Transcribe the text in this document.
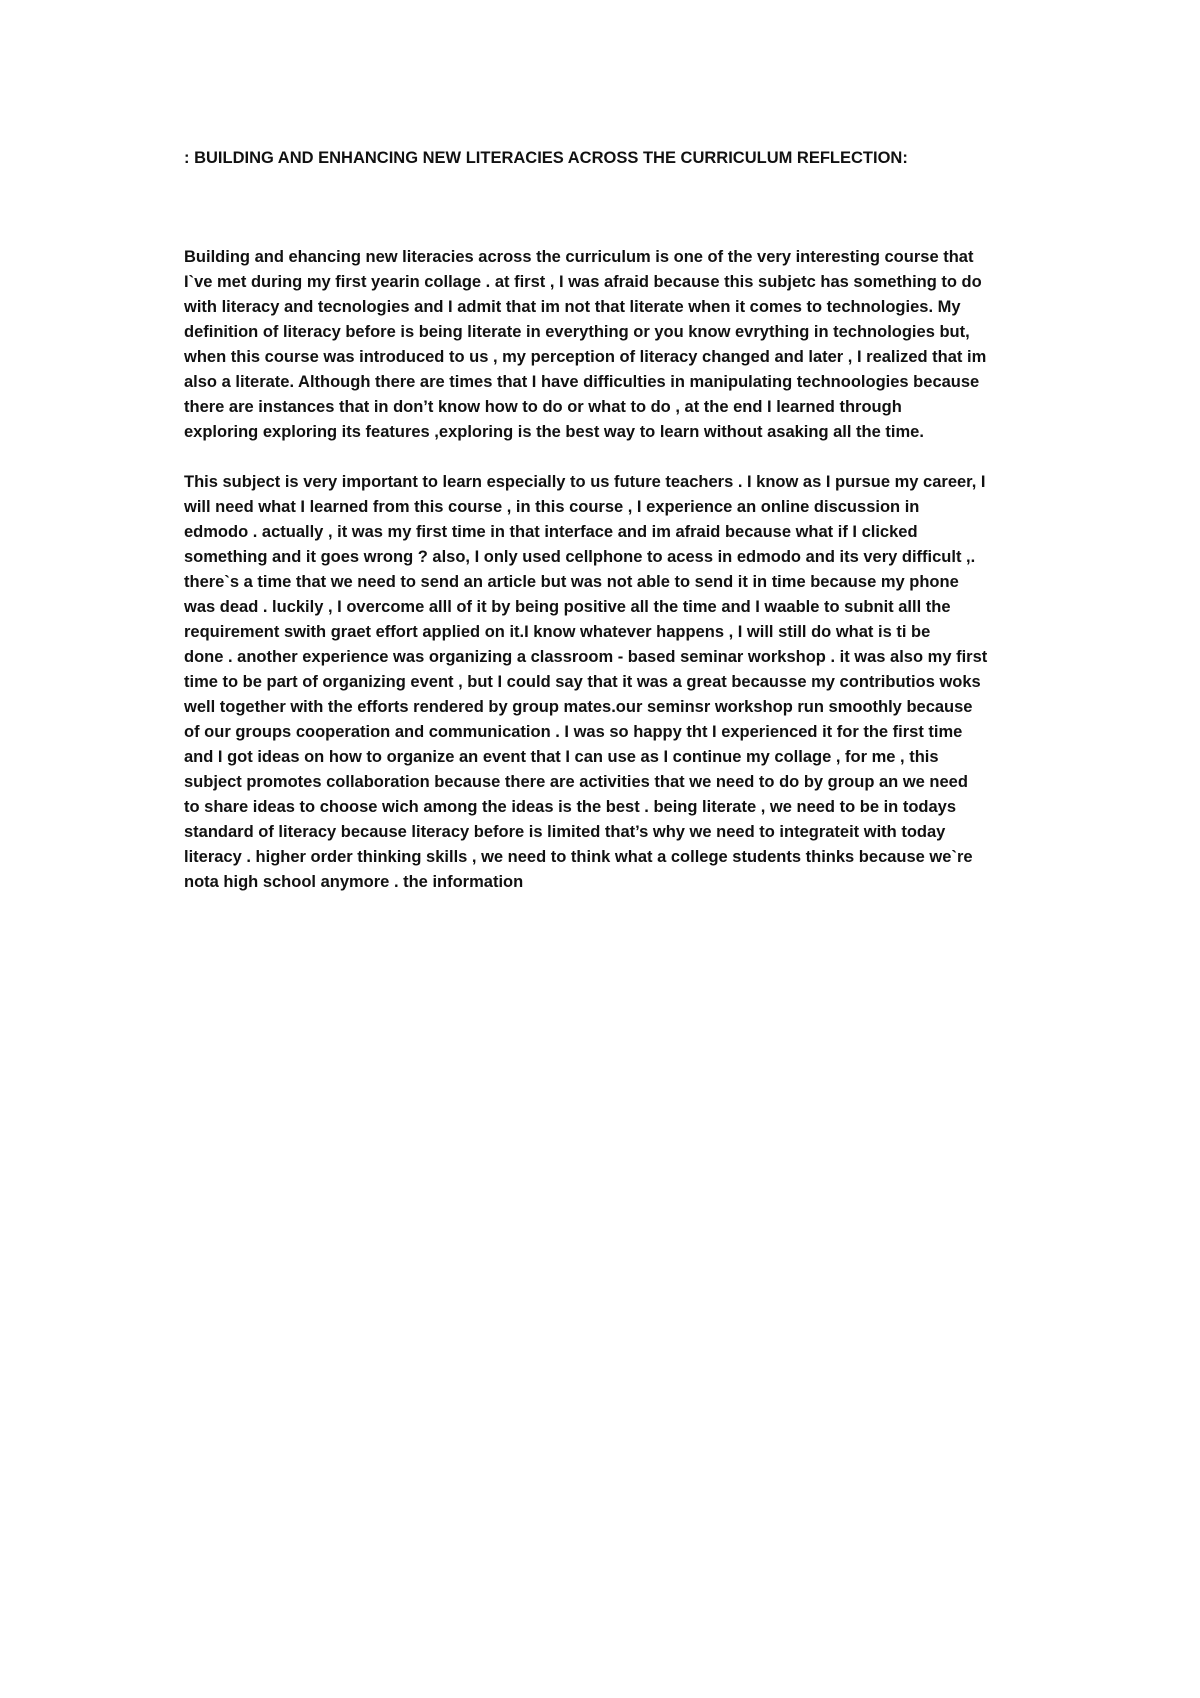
: BUILDING AND ENHANCING NEW LITERACIES ACROSS THE CURRICULUM REFLECTION:

Building and ehancing new literacies across the curriculum is one of the very interesting course that
I`ve met during my first yearin collage . at first , I was afraid because this subjetc has something to do
with literacy and tecnologies and I admit that im not that literate when it comes to technologies. My
definition of literacy before is being literate in everything or you know evrything in technologies but,
when this course was introduced to us , my perception of literacy changed and later , I realized that im
also a literate. Although there are times that I have difficulties in manipulating technoologies because
there are instances that in don’t know how to do or what to do , at the end I learned through
exploring exploring its features ,exploring is the best way to learn without asaking all the time.

This subject is very important to learn especially to us future teachers . I know as I pursue my career, I
will need what I learned from this course , in this course , I experience an online discussion in
edmodo . actually , it was my first time in that interface and im afraid because what if I clicked
something and it goes wrong ? also, I only used cellphone to acess in edmodo and its very difficult ,.
there`s a time that we need to send an article but was not able to send it in time because my phone
was dead . luckily , I overcome alll of it by being positive all the time and I waable to subnit alll the
requirement swith graet effort applied on it.I know whatever happens , I will still do what is ti be
done . another experience was organizing a classroom - based seminar workshop . it was also my first
time to be part of organizing event , but I could say that it was a great becausse my contributios woks
well together with the efforts rendered by group mates.our seminsr workshop run smoothly because
of our groups cooperation and communication . I was so happy tht I experienced it for the first time
and I got ideas on how to organize an event that I can use as I continue my collage , for me , this
subject promotes collaboration because there are activities that we need to do by group an we need
to share ideas to choose wich among the ideas is the best . being literate , we need to be in todays
standard of literacy because literacy before is limited that’s why we need to integrateit with today
literacy . higher order thinking skills , we need to think what a college students thinks because we`re
nota high school anymore . the information
